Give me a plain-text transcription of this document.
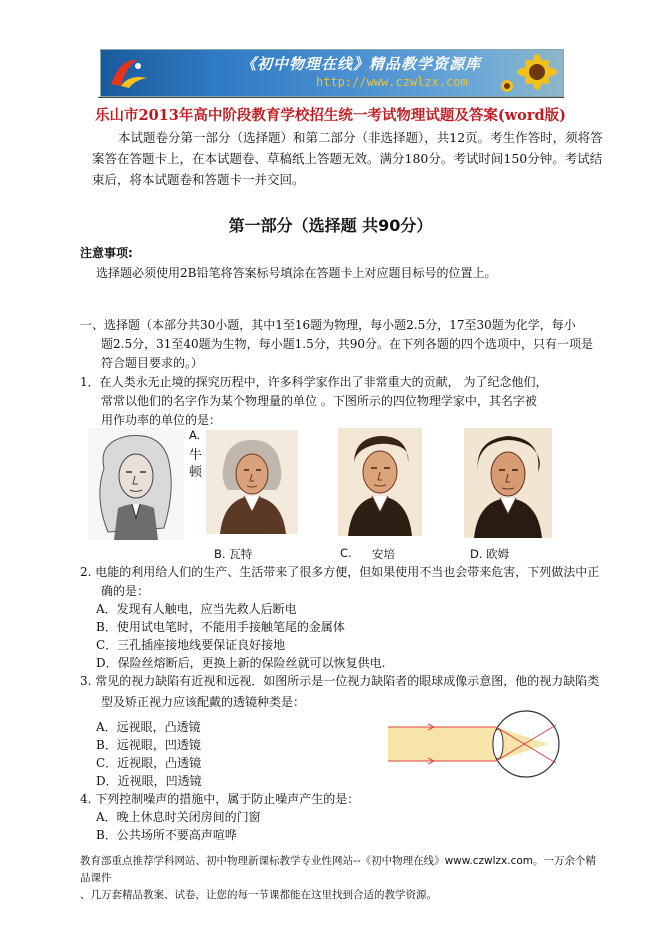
《初中物理在线》精品教学资源库
http://www.czwlzx.com
乐山市2013年高中阶段教育学校招生统一考试物理试题及答案(word版)
本试题卷分第一部分（选择题）和第二部分（非选择题），共12页。考生作答时，须将答
案答在答题卡上，在本试题卷、草稿纸上答题无效。满分180分。考试时间150分钟。考试结
束后，将本试题卷和答题卡一并交回。
第一部分（选择题 共90分）
注意事项:
选择题必须使用2B铅笔将答案标号填涂在答题卡上对应题目标号的位置上。
一、选择题（本部分共30小题，其中1至16题为物理，每小题2.5分，17至30题为化学，每小
题2.5分，31至40题为生物，每小题1.5分，共90分。在下列各题的四个选项中，只有一项是
符合题目要求的。）
1．在人类永无止境的探究历程中，许多科学家作出了非常重大的贡献， 为了纪念他们，
常常以他们的名字作为某个物理量的单位 。下图所示的四位物理学家中，其名字被
用作功率的单位的是：
A.
牛
顿
B. 瓦特	C. 安培	D. 欧姆
2. 电能的利用给人们的生产、生活带来了很多方便，但如果使用不当也会带来危害，下列做法中正
确的是：
A．发现有人触电，应当先救人后断电
B．使用试电笔时，不能用手接触笔尾的金属体
C．三孔插座接地线要保证良好接地
D．保险丝熔断后，更换上新的保险丝就可以恢复供电.
3. 常见的视力缺陷有近视和远视．如图所示是一位视力缺陷者的眼球成像示意图，他的视力缺陷类
型及矫正视力应该配戴的透镜种类是：
A．远视眼，凸透镜
B．远视眼，凹透镜
C．近视眼，凸透镜
D．近视眼，凹透镜
4. 下列控制噪声的措施中，属于防止噪声产生的是：
A．晚上休息时关闭房间的门窗
B．公共场所不要高声喧哗
教育部重点推荐学科网站、初中物理新课标教学专业性网站--《初中物理在线》www.czwlzx.com。一万余个精品课件
、几万套精品教案、试卷，让您的每一节课都能在这里找到合适的教学资源。
